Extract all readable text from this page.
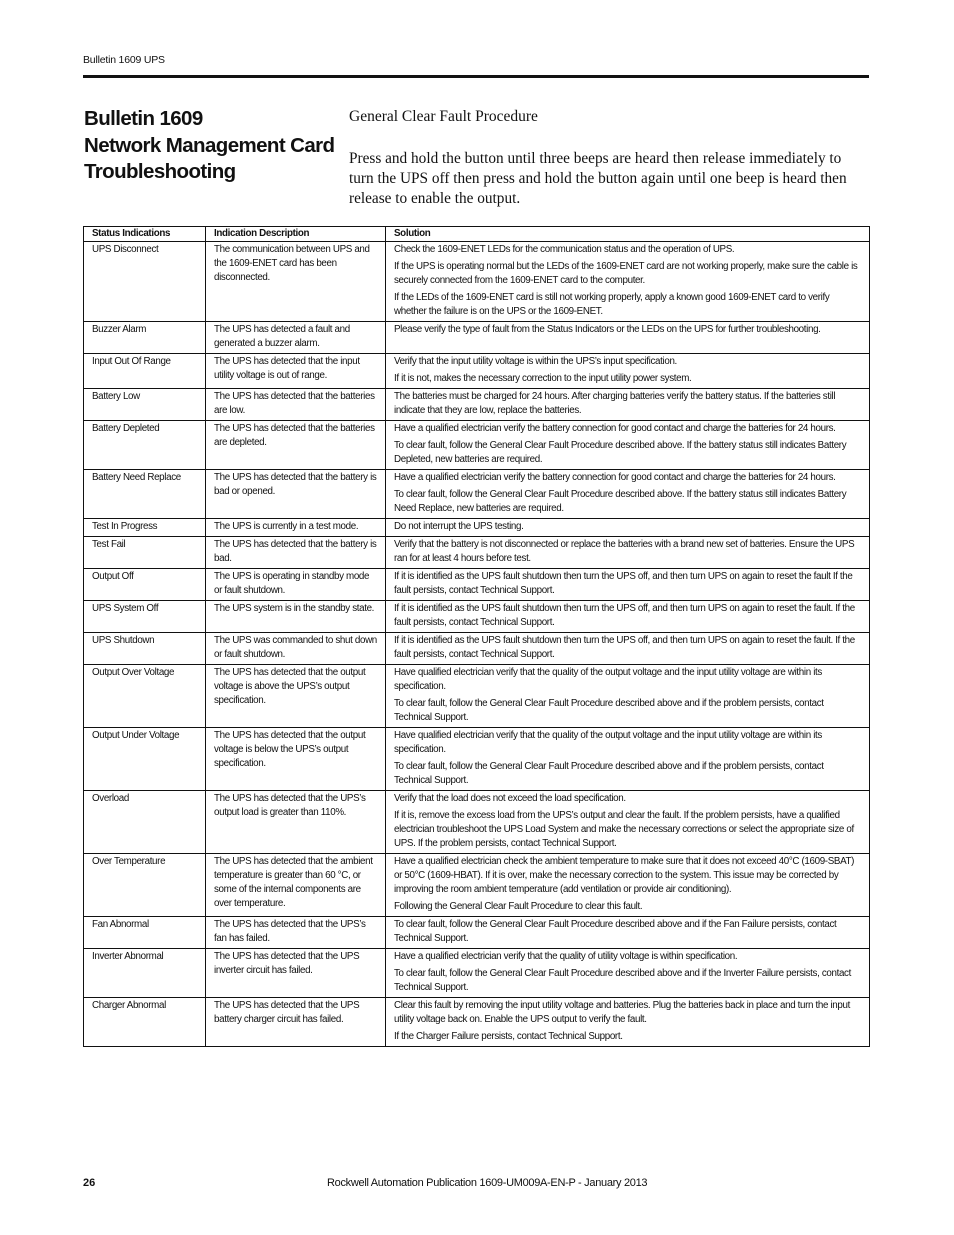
Bulletin 1609 UPS
Bulletin 1609
Network Management Card
Troubleshooting
General Clear Fault Procedure
Press and hold the button until three beeps are heard then release immediately to turn the UPS off then press and hold the button again until one beep is heard then release to enable the output.
Status Indications	Indication Description	Solution
UPS Disconnect	The communication between UPS and the 1609-ENET card has been disconnected.	Check the 1609-ENET LEDs for the communication status and the operation of UPS.

If the UPS is operating normal but the LEDs of the 1609-ENET card are not working properly, make sure the cable is securely connected from the 1609-ENET card to the computer.

If the LEDs of the 1609-ENET card is still not working properly, apply a known good 1609-ENET card to verify whether the failure is on the UPS or the 1609-ENET.

Buzzer Alarm	The UPS has detected a fault and generated a buzzer alarm.	Please verify the type of fault from the Status Indicators or the LEDs on the UPS for further troubleshooting.

Input Out Of Range	The UPS has detected that the input utility voltage is out of range.	Verify that the input utility voltage is within the UPS’s input specification.

If it is not, makes the necessary correction to the input utility power system.

Battery Low	The UPS has detected that the batteries are low.	The batteries must be charged for 24 hours. After charging batteries verify the battery status. If the batteries still indicate that they are low, replace the batteries.

Battery Depleted	The UPS has detected that the batteries are depleted.	Have a qualified electrician verify the battery connection for good contact and charge the batteries for 24 hours.

To clear fault, follow the General Clear Fault Procedure described above. If the battery status still indicates Battery Depleted, new batteries are required.

Battery Need Replace	The UPS has detected that the battery is bad or opened.	Have a qualified electrician verify the battery connection for good contact and charge the batteries for 24 hours.

To clear fault, follow the General Clear Fault Procedure described above. If the battery status still indicates Battery Need Replace, new batteries are required.

Test In Progress	The UPS is currently in a test mode.	Do not interrupt the UPS testing.

Test Fail	The UPS has detected that the battery is bad.	Verify that the battery is not disconnected or replace the batteries with a brand new set of batteries. Ensure the UPS ran for at least 4 hours before test.

Output Off	The UPS is operating in standby mode or fault shutdown.	If it is identified as the UPS fault shutdown then turn the UPS off, and then turn UPS on again to reset the fault If the fault persists, contact Technical Support.

UPS System Off	The UPS system is in the standby state.	If it is identified as the UPS fault shutdown then turn the UPS off, and then turn UPS on again to reset the fault. If the fault persists, contact Technical Support.

UPS Shutdown	The UPS was commanded to shut down or fault shutdown.	If it is identified as the UPS fault shutdown then turn the UPS off, and then turn UPS on again to reset the fault. If the fault persists, contact Technical Support.

Output Over Voltage	The UPS has detected that the output voltage is above the UPS’s output specification.	Have qualified electrician verify that the quality of the output voltage and the input utility voltage are within its specification.

To clear fault, follow the General Clear Fault Procedure described above and if the problem persists, contact Technical Support.

Output Under Voltage	The UPS has detected that the output voltage is below the UPS’s output specification.	Have qualified electrician verify that the quality of the output voltage and the input utility voltage are within its specification.

To clear fault, follow the General Clear Fault Procedure described above and if the problem persists, contact Technical Support.

Overload	The UPS has detected that the UPS’s output load is greater than 110%.	Verify that the load does not exceed the load specification.

If it is, remove the excess load from the UPS’s output and clear the fault. If the problem persists, have a qualified electrician troubleshoot the UPS Load System and make the necessary corrections or select the appropriate size of UPS. If the problem persists, contact Technical Support.

Over Temperature	The UPS has detected that the ambient temperature is greater than 60 °C, or some of the internal components are over temperature.	Have a qualified electrician check the ambient temperature to make sure that it does not exceed 40°C (1609-SBAT) or 50°C (1609-HBAT). If it is over, make the necessary correction to the system. This issue may be corrected by improving the room ambient temperature (add ventilation or provide air conditioning).

Following the General Clear Fault Procedure to clear this fault.

Fan Abnormal	The UPS has detected that the UPS’s fan has failed.	To clear fault, follow the General Clear Fault Procedure described above and if the Fan Failure persists, contact Technical Support.

Inverter Abnormal	The UPS has detected that the UPS inverter circuit has failed.	Have a qualified electrician verify that the quality of utility voltage is within specification.

To clear fault, follow the General Clear Fault Procedure described above and if the Inverter Failure persists, contact Technical Support.

Charger Abnormal	The UPS has detected that the UPS battery charger circuit has failed.	Clear this fault by removing the input utility voltage and batteries. Plug the batteries back in place and turn the input utility voltage back on. Enable the UPS output to verify the fault.

If the Charger Failure persists, contact Technical Support.

26	Rockwell Automation Publication 1609-UM009A-EN-P - January 2013
